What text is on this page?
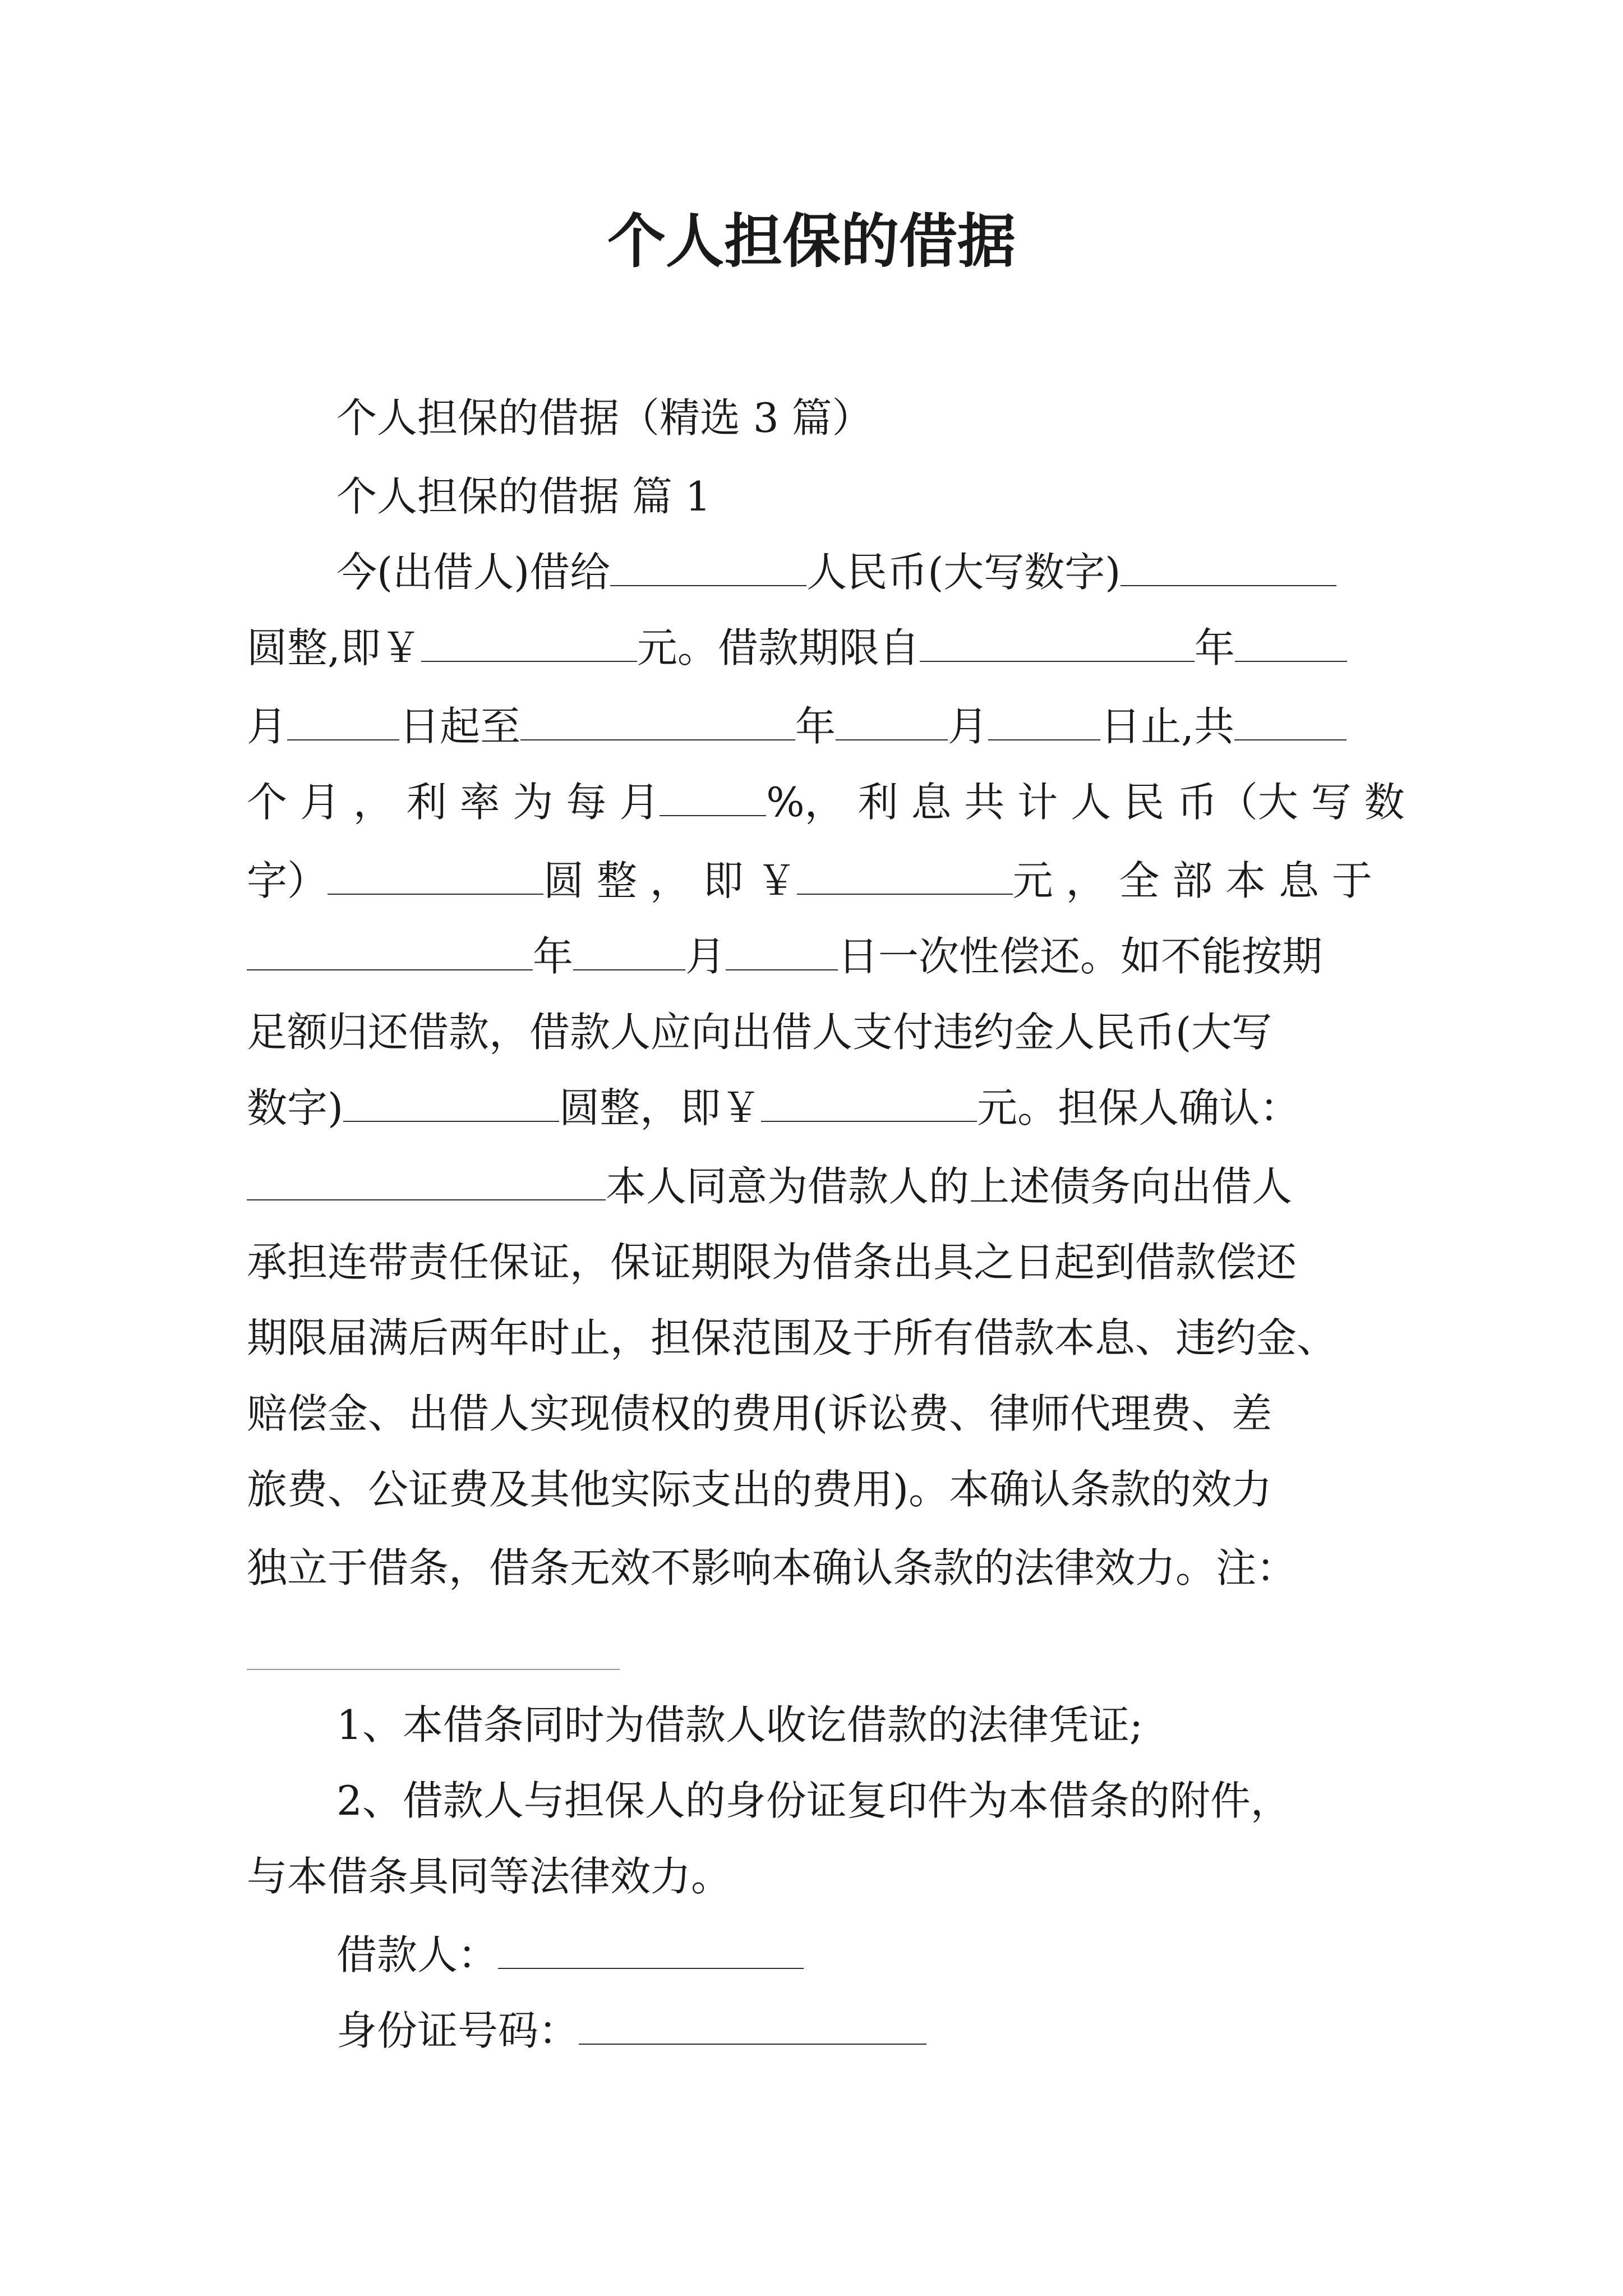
个人担保的借据
个人担保的借据（精选 3 篇）
个人担保的借据 篇 1
今(出借人)借给	人民币(大写数字)
圆整,即￥	元。借款期限自	年
月	日起至	年	月	日止,共
个 月 ， 利 率 为 每 月	%， 利 息 共 计 人 民 币（大 写 数
字）	圆 整 ， 即 ￥	元 ， 全 部 本 息 于
年	月	日一次性偿还。如不能按期
足额归还借款，借款人应向出借人支付违约金人民币(大写
数字)	圆整，即￥	元。担保人确认：
本人同意为借款人的上述债务向出借人
承担连带责任保证，保证期限为借条出具之日起到借款偿还
期限届满后两年时止，担保范围及于所有借款本息、违约金、
赔偿金、出借人实现债权的费用(诉讼费、律师代理费、差
旅费、公证费及其他实际支出的费用)。本确认条款的效力
独立于借条，借条无效不影响本确认条款的法律效力。注：
1、本借条同时为借款人收讫借款的法律凭证;
2、借款人与担保人的身份证复印件为本借条的附件，
与本借条具同等法律效力。
借款人：
身份证号码：
